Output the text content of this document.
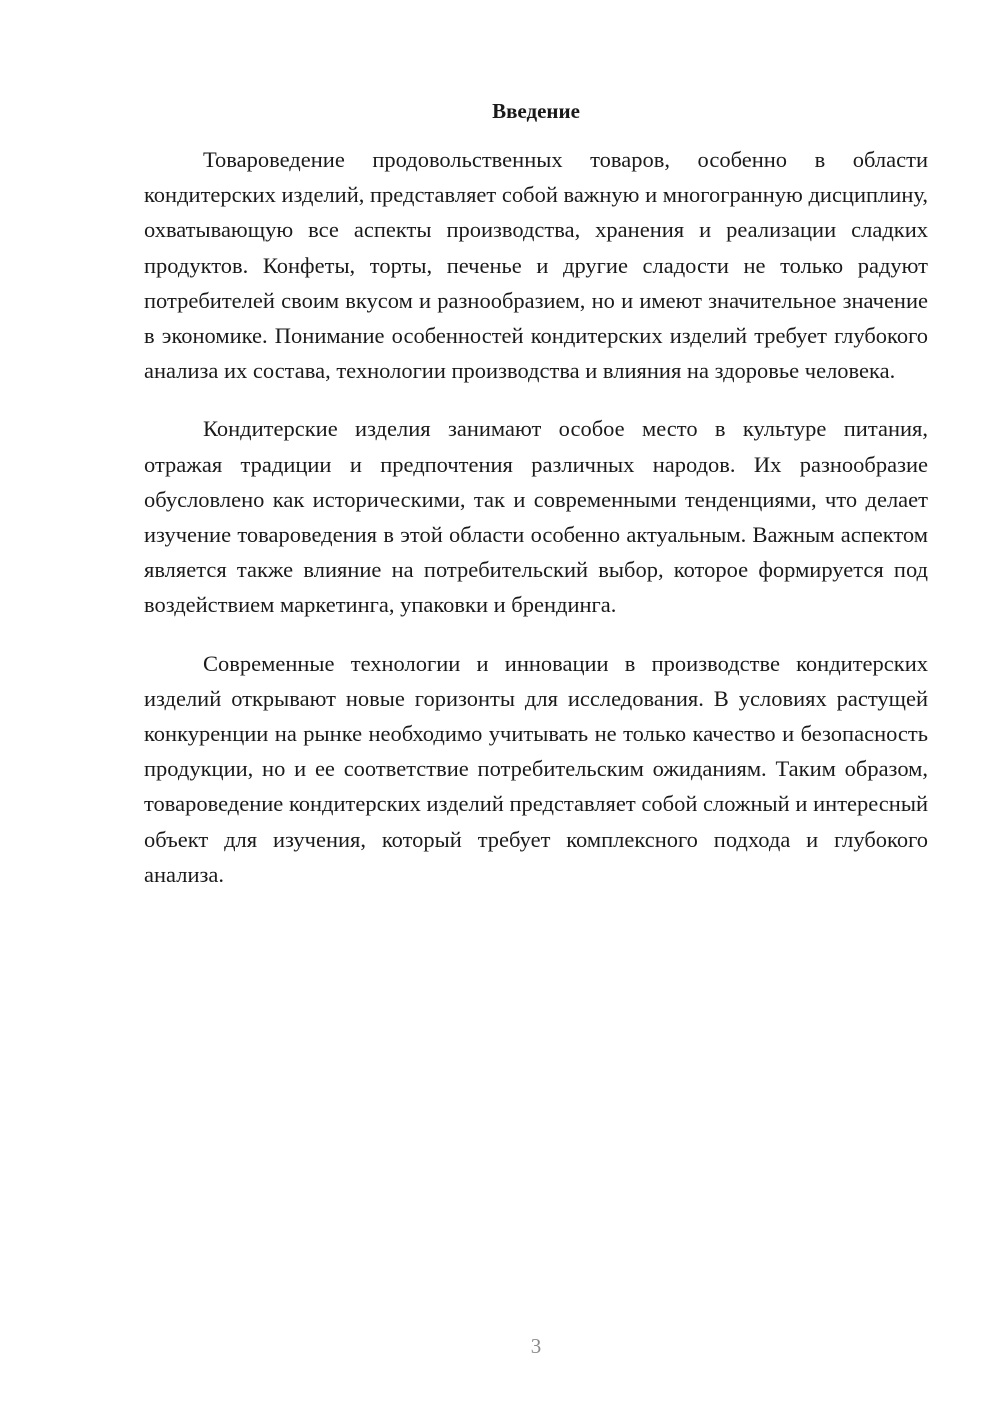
Введение

Товароведение продовольственных товаров, особенно в области кондитерских изделий, представляет собой важную и многогранную дисциплину, охватывающую все аспекты производства, хранения и реализации сладких продуктов. Конфеты, торты, печенье и другие сладости не только радуют потребителей своим вкусом и разнообразием, но и имеют значительное значение в экономике. Понимание особенностей кондитерских изделий требует глубокого анализа их состава, технологии производства и влияния на здоровье человека.

Кондитерские изделия занимают особое место в культуре питания, отражая традиции и предпочтения различных народов. Их разнообразие обусловлено как историческими, так и современными тенденциями, что делает изучение товароведения в этой области особенно актуальным. Важным аспектом является также влияние на потребительский выбор, которое формируется под воздействием маркетинга, упаковки и брендинга.

Современные технологии и инновации в производстве кондитерских изделий открывают новые горизонты для исследования. В условиях растущей конкуренции на рынке необходимо учитывать не только качество и безопасность продукции, но и ее соответствие потребительским ожиданиям. Таким образом, товароведение кондитерских изделий представляет собой сложный и интересный объект для изучения, который требует комплексного подхода и глубокого анализа.

3
